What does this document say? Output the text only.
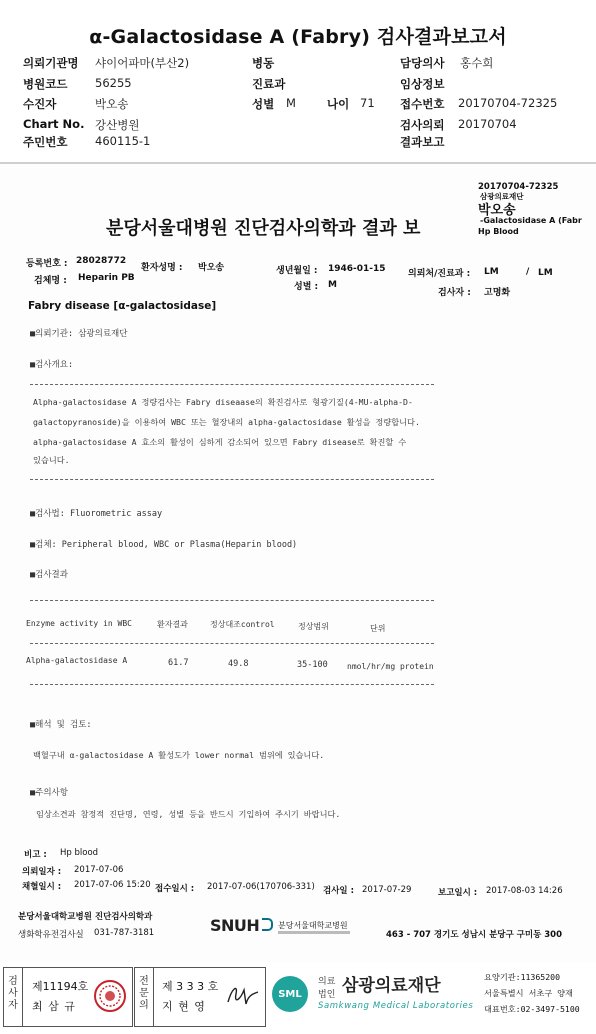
α-Galactosidase A (Fabry) 검사결과보고서
의뢰기관명 샤이어파마(부산2)	병동	담당의사 홍수희
병원코드 56255	진료과	임상정보
수진자	박오송	성별 M	나이 71 접수번호 20170704-72325
Chart No. 강산병원	검사의뢰 20170704
주민번호 460115-1	결과보고
20170704-72325
삼광의료재단
박오송
-Galactosidase A (Fabr
Hp Blood
분당서울대병원 진단검사의학과 결과 보
등록번호 : 28028772
환자성명 : 박오송	생년월일 : 1946-01-15 의뢰처/진료과 : LM	/ LM
검체명 : Heparin PB
성별 : M
검사자 : 고명화
Fabry disease [α-galactosidase]
■의뢰기관: 삼광의료재단
■검사개요:
Alpha-galactosidase A 정량검사는 Fabry diseaase의 확진검사로 형광기질(4-MU-alpha-D-
galactopyranoside)을 이용하여 WBC 또는 혈장내의 alpha-galactosidase 활성을 정량합니다.
alpha-galactosidase A 효소의 활성이 심하게 감소되어 있으면 Fabry disease로 확진할 수
있습니다.
■검사법: Fluorometric assay
■검체: Peripheral blood, WBC or Plasma(Heparin blood)
■검사결과
Enzyme activity in WBC	환자결과	정상대조control	정상범위	단위
Alpha-galactosidase A	61.7	49.8	35-100 nmol/hr/mg protein
■해석 및 검토:
백혈구내 α-galactosidase A 활성도가 lower normal 범위에 있습니다.
■주의사항
임상소견과 참정적 진단명, 연령, 성별 등을 반드시 기입하여 주시기 바랍니다.
비고 : Hp blood
의뢰일자 : 2017-07-06
채혈일시 : 2017-07-06 15:20 접수일시 : 2017-07-06(170706-331) 검사일 : 2017-07-29	보고일시 : 2017-08-03 14:26
분당서울대학교병원 진단검사의학과
생화학유전검사실 031-787-3181	SNUH 분당서울대학교병원
463 - 707 경기도 성남시 분당구 구미동 300
검
사
자
제11194호
최 삼 규
전
문
의
제 3 3 3 호
지 현 영
SML
의료
법인 삼광의료재단
Samkwang Medical Laboratories
요양기관:11365200
서울특별시 서초구 양재
대표번호:02-3497-5100
